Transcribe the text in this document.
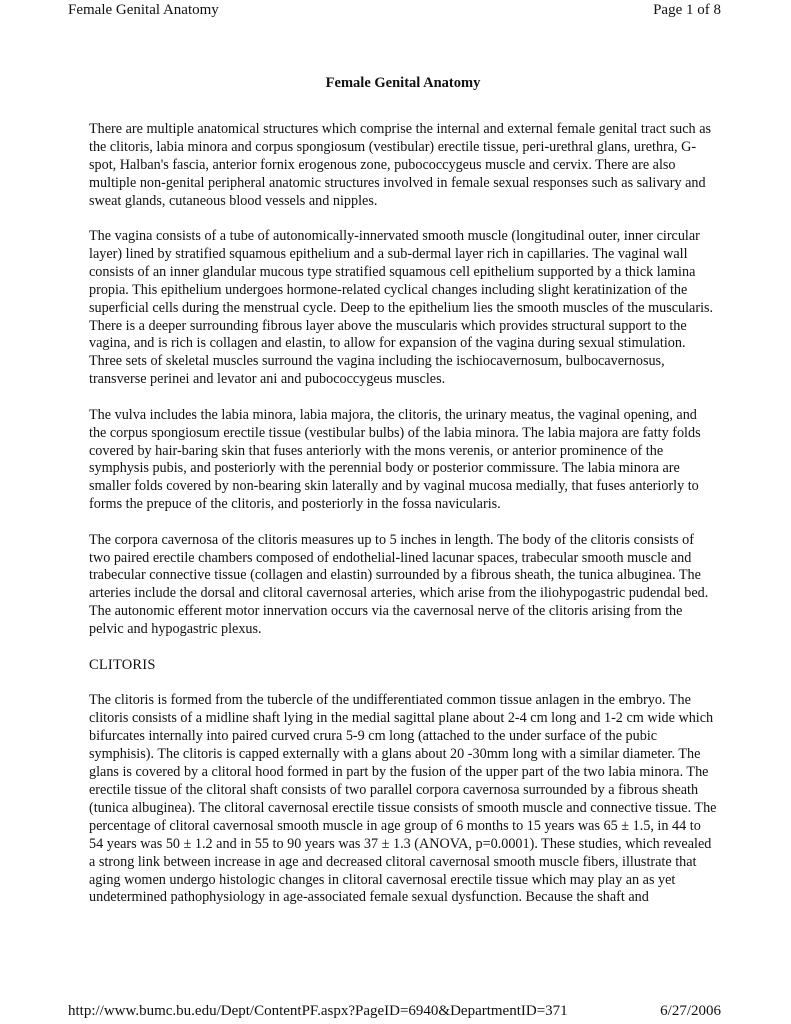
Female Genital Anatomy	Page 1 of 8
Female Genital Anatomy

There are multiple anatomical structures which comprise the internal and external female genital tract such as the clitoris, labia minora and corpus spongiosum (vestibular) erectile tissue, peri-urethral glans, urethra, G-spot, Halban's fascia, anterior fornix erogenous zone, pubococcygeus muscle and cervix. There are also multiple non-genital peripheral anatomic structures involved in female sexual responses such as salivary and sweat glands, cutaneous blood vessels and nipples.

The vagina consists of a tube of autonomically-innervated smooth muscle (longitudinal outer, inner circular layer) lined by stratified squamous epithelium and a sub-dermal layer rich in capillaries. The vaginal wall consists of an inner glandular mucous type stratified squamous cell epithelium supported by a thick lamina propia. This epithelium undergoes hormone-related cyclical changes including slight keratinization of the superficial cells during the menstrual cycle. Deep to the epithelium lies the smooth muscles of the muscularis. There is a deeper surrounding fibrous layer above the muscularis which provides structural support to the vagina, and is rich is collagen and elastin, to allow for expansion of the vagina during sexual stimulation. Three sets of skeletal muscles surround the vagina including the ischiocavernosum, bulbocavernosus, transverse perinei and levator ani and pubococcygeus muscles.

The vulva includes the labia minora, labia majora, the clitoris, the urinary meatus, the vaginal opening, and the corpus spongiosum erectile tissue (vestibular bulbs) of the labia minora. The labia majora are fatty folds covered by hair-baring skin that fuses anteriorly with the mons verenis, or anterior prominence of the symphysis pubis, and posteriorly with the perennial body or posterior commissure. The labia minora are smaller folds covered by non-bearing skin laterally and by vaginal mucosa medially, that fuses anteriorly to forms the prepuce of the clitoris, and posteriorly in the fossa navicularis.

The corpora cavernosa of the clitoris measures up to 5 inches in length. The body of the clitoris consists of two paired erectile chambers composed of endothelial-lined lacunar spaces, trabecular smooth muscle and trabecular connective tissue (collagen and elastin) surrounded by a fibrous sheath, the tunica albuginea. The arteries include the dorsal and clitoral cavernosal arteries, which arise from the iliohypogastric pudendal bed. The autonomic efferent motor innervation occurs via the cavernosal nerve of the clitoris arising from the pelvic and hypogastric plexus.

CLITORIS

The clitoris is formed from the tubercle of the undifferentiated common tissue anlagen in the embryo. The clitoris consists of a midline shaft lying in the medial sagittal plane about 2-4 cm long and 1-2 cm wide which bifurcates internally into paired curved crura 5-9 cm long (attached to the under surface of the pubic symphisis). The clitoris is capped externally with a glans about 20 -30mm long with a similar diameter. The glans is covered by a clitoral hood formed in part by the fusion of the upper part of the two labia minora. The erectile tissue of the clitoral shaft consists of two parallel corpora cavernosa surrounded by a fibrous sheath (tunica albuginea). The clitoral cavernosal erectile tissue consists of smooth muscle and connective tissue. The percentage of clitoral cavernosal smooth muscle in age group of 6 months to 15 years was 65 ± 1.5, in 44 to 54 years was 50 ± 1.2 and in 55 to 90 years was 37 ± 1.3 (ANOVA, p=0.0001). These studies, which revealed a strong link between increase in age and decreased clitoral cavernosal smooth muscle fibers, illustrate that aging women undergo histologic changes in clitoral cavernosal erectile tissue which may play an as yet undetermined pathophysiology in age-associated female sexual dysfunction. Because the shaft and

http://www.bumc.bu.edu/Dept/ContentPF.aspx?PageID=6940&DepartmentID=371	6/27/2006
